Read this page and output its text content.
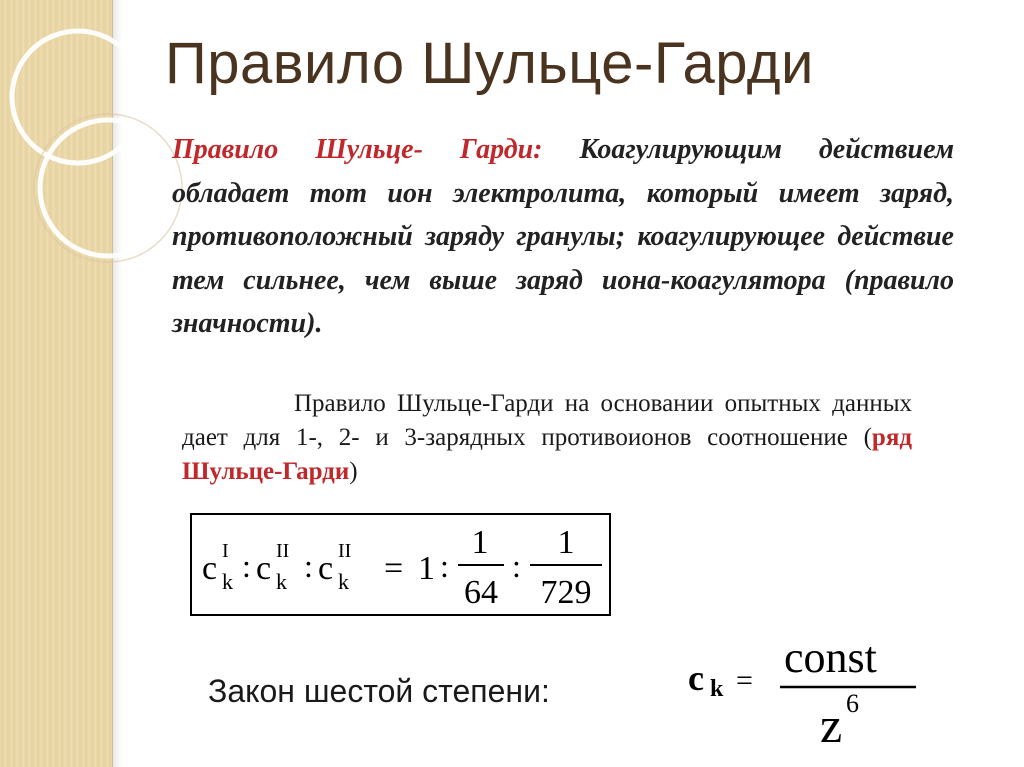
Правило Шульце-Гарди
Правило Шульце- Гарди: Коагулирующим действием обладает тот ион электролита, который имеет заряд, противоположный заряду гранулы; коагулирующее действие тем сильнее, чем выше заряд иона-коагулятора (правило значности).
Правило Шульце-Гарди на основании опытных данных дает для 1-, 2- и 3-зарядных противоионов соотношение (ряд Шульце-Гарди)
c I
k : c II
k : c II
k = 1 :
1
64
:
1
729
Закон шестой степени:	c k = const
z 6
